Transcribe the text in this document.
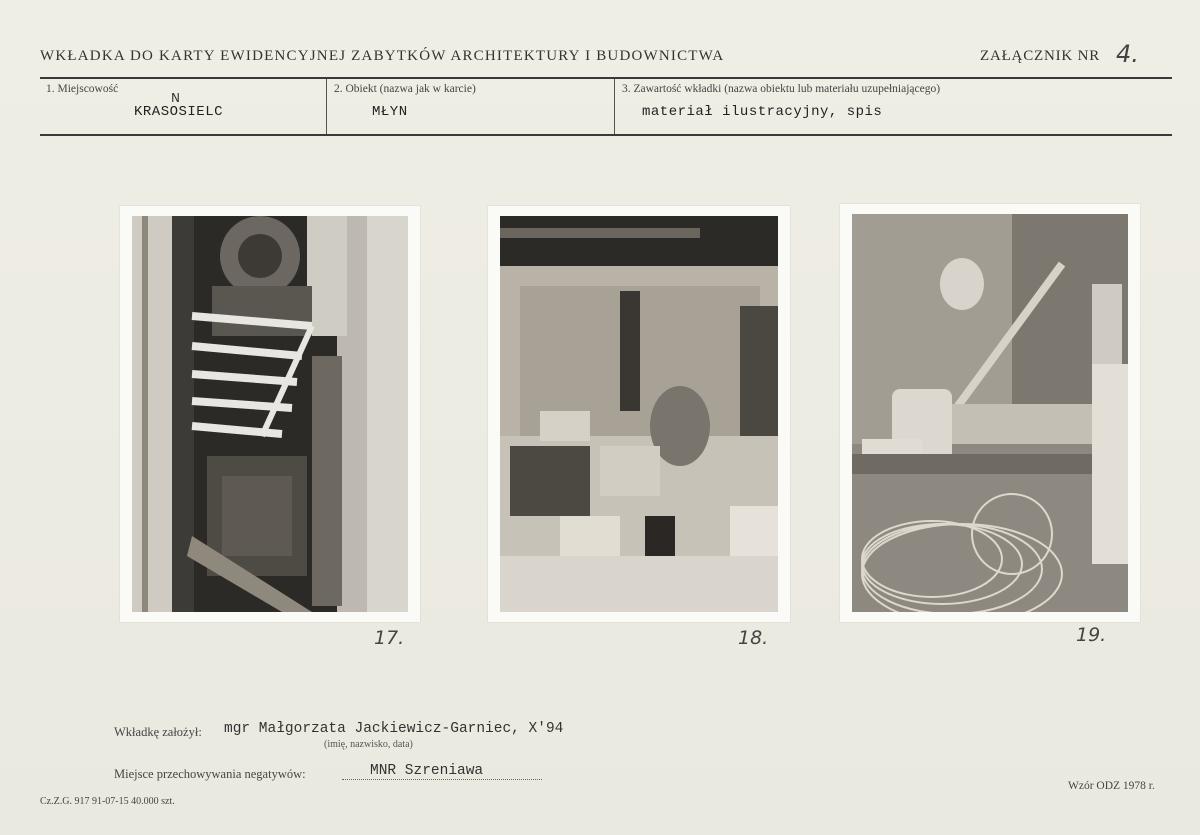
WKŁADKA DO KARTY EWIDENCYJNEJ ZABYTKÓW ARCHITEKTURY I BUDOWNICTWA	ZAŁĄCZNIK NR 4.
1. Miejscowość
KRASOSIELC
N
2. Obiekt (nazwa jak w karcie)
MŁYN
3. Zawartość wkładki (nazwa obiektu lub materiału uzupełniającego)
materiał ilustracyjny, spis
17.	18.	19.
Wkładkę założył: mgr Małgorzata Jackiewicz-Garniec, X'94
(imię, nazwisko, data)
Miejsce przechowywania negatywów:	MNR Szreniawa
Cz.Z.G. 917 91-07-15 40.000 szt.
Wzór ODZ 1978 r.
